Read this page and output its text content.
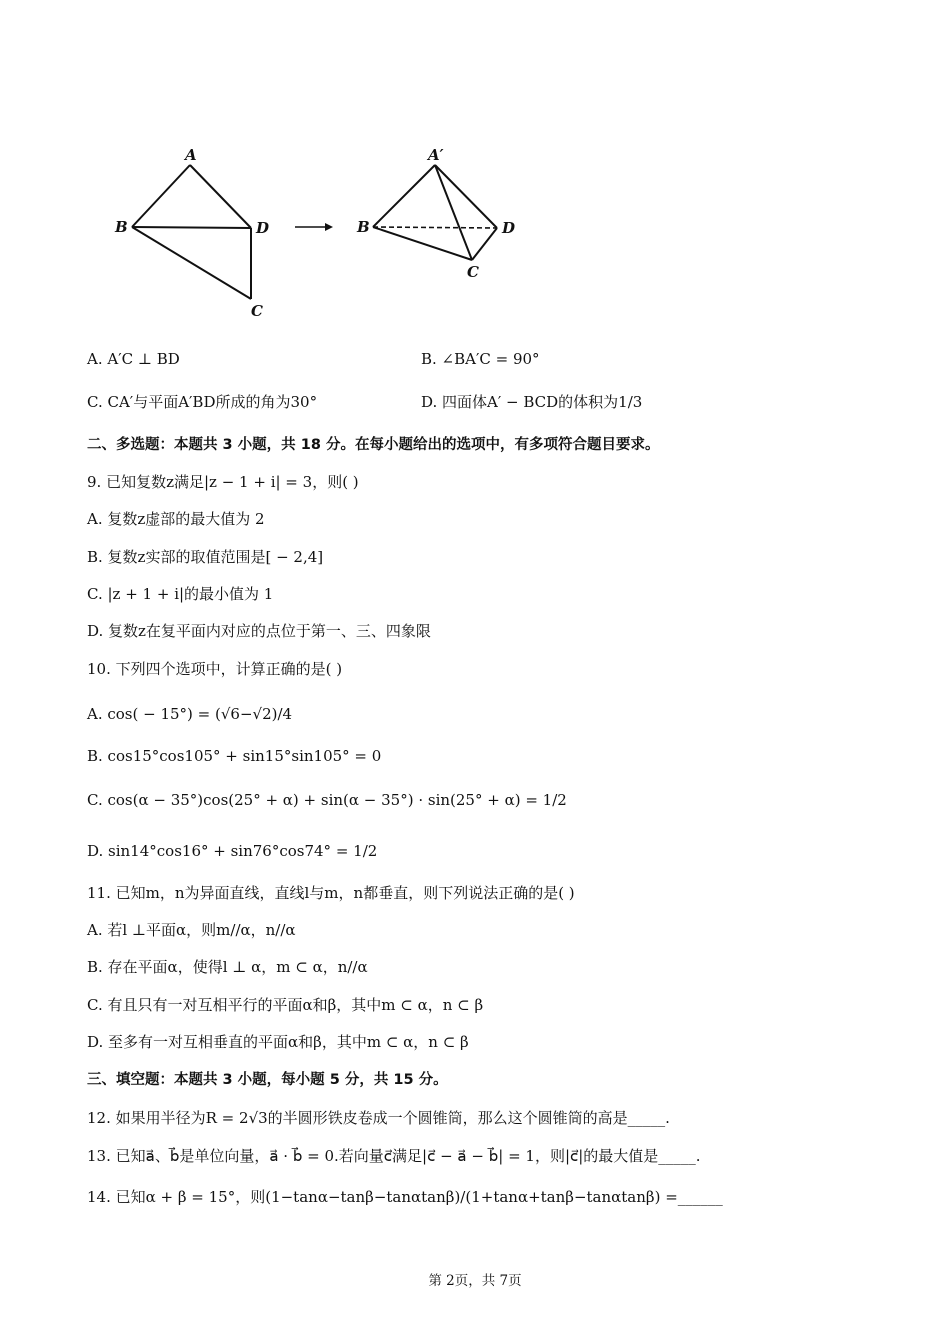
A
B	D
C
A′
B	D
C
A. A′C ⊥ BD	B. ∠BA′C = 90°
C. CA′与平面A′BD所成的角为30°	D. 四面体A′ − BCD的体积为1/3
二、多选题：本题共 3 小题，共 18 分。在每小题给出的选项中，有多项符合题目要求。
9. 已知复数z满足|z − 1 + i| = 3，则( )
A. 复数z虚部的最大值为 2
B. 复数z实部的取值范围是[ − 2,4]
C. |z + 1 + i|的最小值为 1
D. 复数z在复平面内对应的点位于第一、三、四象限
10. 下列四个选项中，计算正确的是( )
A. cos( − 15°) = (√6−√2)/4
B. cos15°cos105° + sin15°sin105° = 0
C. cos(α − 35°)cos(25° + α) + sin(α − 35°) · sin(25° + α) = 1/2
D. sin14°cos16° + sin76°cos74° = 1/2
11. 已知m，n为异面直线，直线l与m，n都垂直，则下列说法正确的是( )
A. 若l ⊥平面α，则m//α，n//α
B. 存在平面α，使得l ⊥ α，m ⊂ α，n//α
C. 有且只有一对互相平行的平面α和β，其中m ⊂ α，n ⊂ β
D. 至多有一对互相垂直的平面α和β，其中m ⊂ α，n ⊂ β
三、填空题：本题共 3 小题，每小题 5 分，共 15 分。
12. 如果用半径为R = 2√3的半圆形铁皮卷成一个圆锥筒，那么这个圆锥筒的高是_____.
13. 已知a⃗、b⃗是单位向量，a⃗ · b⃗ = 0.若向量c⃗满足|c⃗ − a⃗ − b⃗| = 1，则|c⃗|的最大值是_____.
14. 已知α + β = 15°，则(1−tanα−tanβ−tanαtanβ)/(1+tanα+tanβ−tanαtanβ) =______
第 2页，共 7页
